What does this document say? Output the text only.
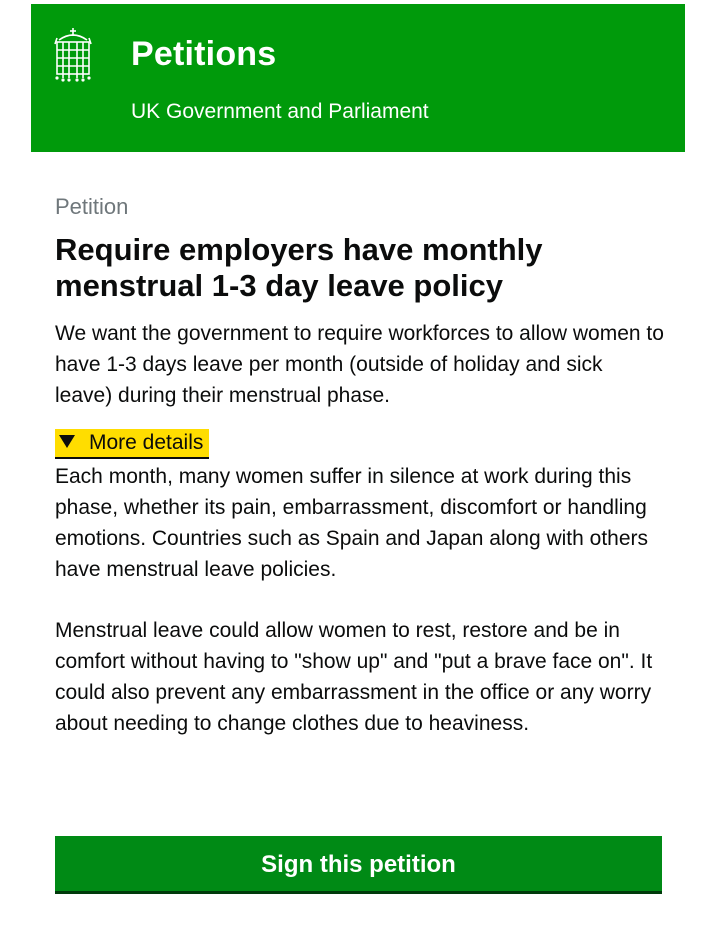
Petitions
UK Government and Parliament
Petition
Require employers have monthly menstrual 1-3 day leave policy

We want the government to require workforces to allow women to have 1-3 days leave per month (outside of holiday and sick leave) during their menstrual phase.

More details

Each month, many women suffer in silence at work during this phase, whether its pain, embarrassment, discomfort or handling emotions. Countries such as Spain and Japan along with others have menstrual leave policies.

Menstrual leave could allow women to rest, restore and be in comfort without having to "show up" and "put a brave face on". It could also prevent any embarrassment in the office or any worry about needing to change clothes due to heaviness.

Sign this petition
